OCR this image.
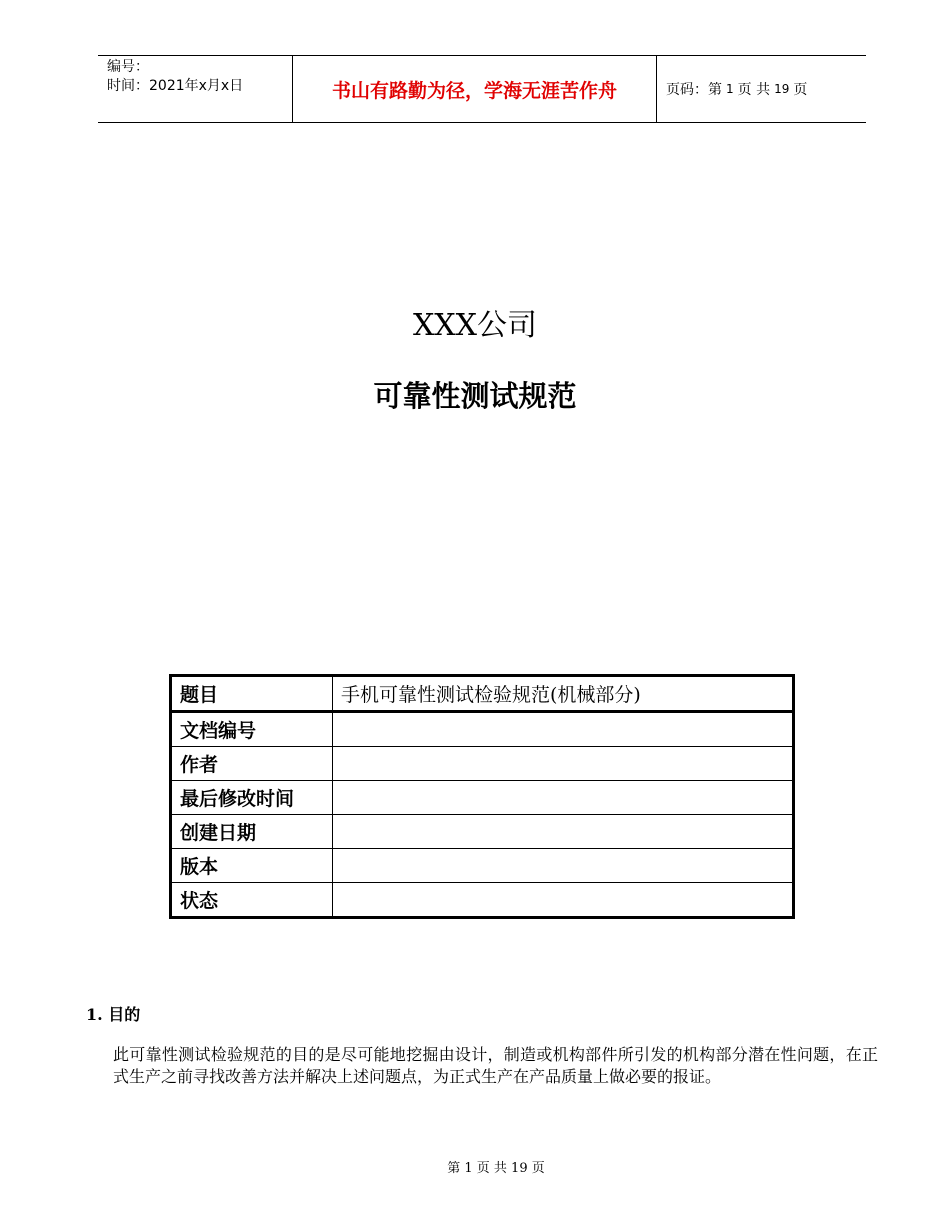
编号：
时间：2021年x月x日	书山有路勤为径，学海无涯苦作舟	页码：第 1 页 共 19 页
XXX公司
可靠性测试规范
题目	手机可靠性测试检验规范(机械部分)
文档编号	
作者	
最后修改时间	
创建日期	
版本	
状态	
1. 目的
此可靠性测试检验规范的目的是尽可能地挖掘由设计，制造或机构部件所引发的机构部分潜在性问题，在正式生产之前寻找改善方法并解决上述问题点，为正式生产在产品质量上做必要的报证。
第 1 页 共 19 页
